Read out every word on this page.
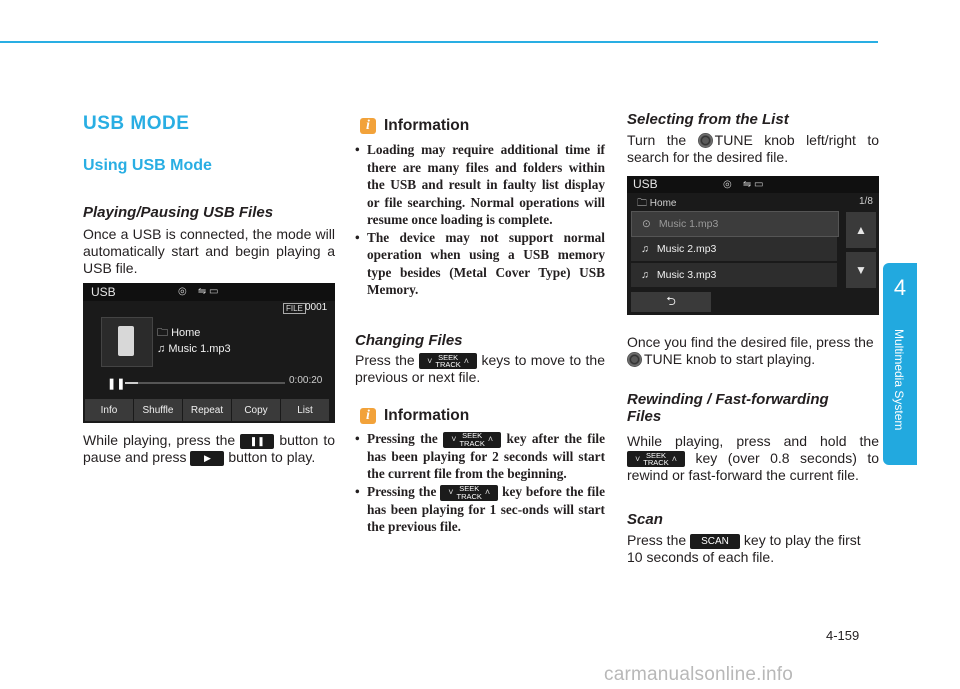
4
Multimedia System
USB MODE
Using USB Mode
Playing/Pausing USB Files
Once a USB is connected, the mode will automatically start and begin playing a USB file.
While playing, press the ❚❚ button to pause and press ▶ button to play.
USB	◎    ⇋ ▭
FILE 0001
🗀 Home
♫ Music 1.mp3
❚❚	0:00:20
Info	Shuffle	Repeat	Copy	List
i Information
• Loading may require additional time if there are many files and folders within the USB and result in faulty list display or file searching. Normal operations will resume once loading is complete.
• The device may not support normal operation when using a USB memory type besides (Metal Cover Type) USB Memory.
Changing Files
Press the ˅ SEEK
TRACK ˄ keys to move to the previous or next file.
i Information
• Pressing the ˅ SEEK
TRACK ˄ key after the file has been playing for 2 seconds will start the current file from the beginning.
• Pressing the ˅ SEEK
TRACK ˄ key before the file has been playing for 1 sec-onds will start the previous file.
Selecting from the List
Turn the TUNE knob left/right to search for the desired file.
Once you find the desired file, press the TUNE knob to start playing.
Rewinding / Fast-forwarding Files
While playing, press and hold the
˅ SEEK
TRACK ˄ key (over 0.8 seconds) to rewind or fast-forward the current file.
Scan
Press the SCAN key to play the first 10 seconds of each file.
USB	◎    ⇋ ▭
🗀 Home	1/8
⊙ Music 1.mp3
♫ Music 2.mp3
♫ Music 3.mp3
▲
▼
⮌
4-159
carmanualsonline.info
